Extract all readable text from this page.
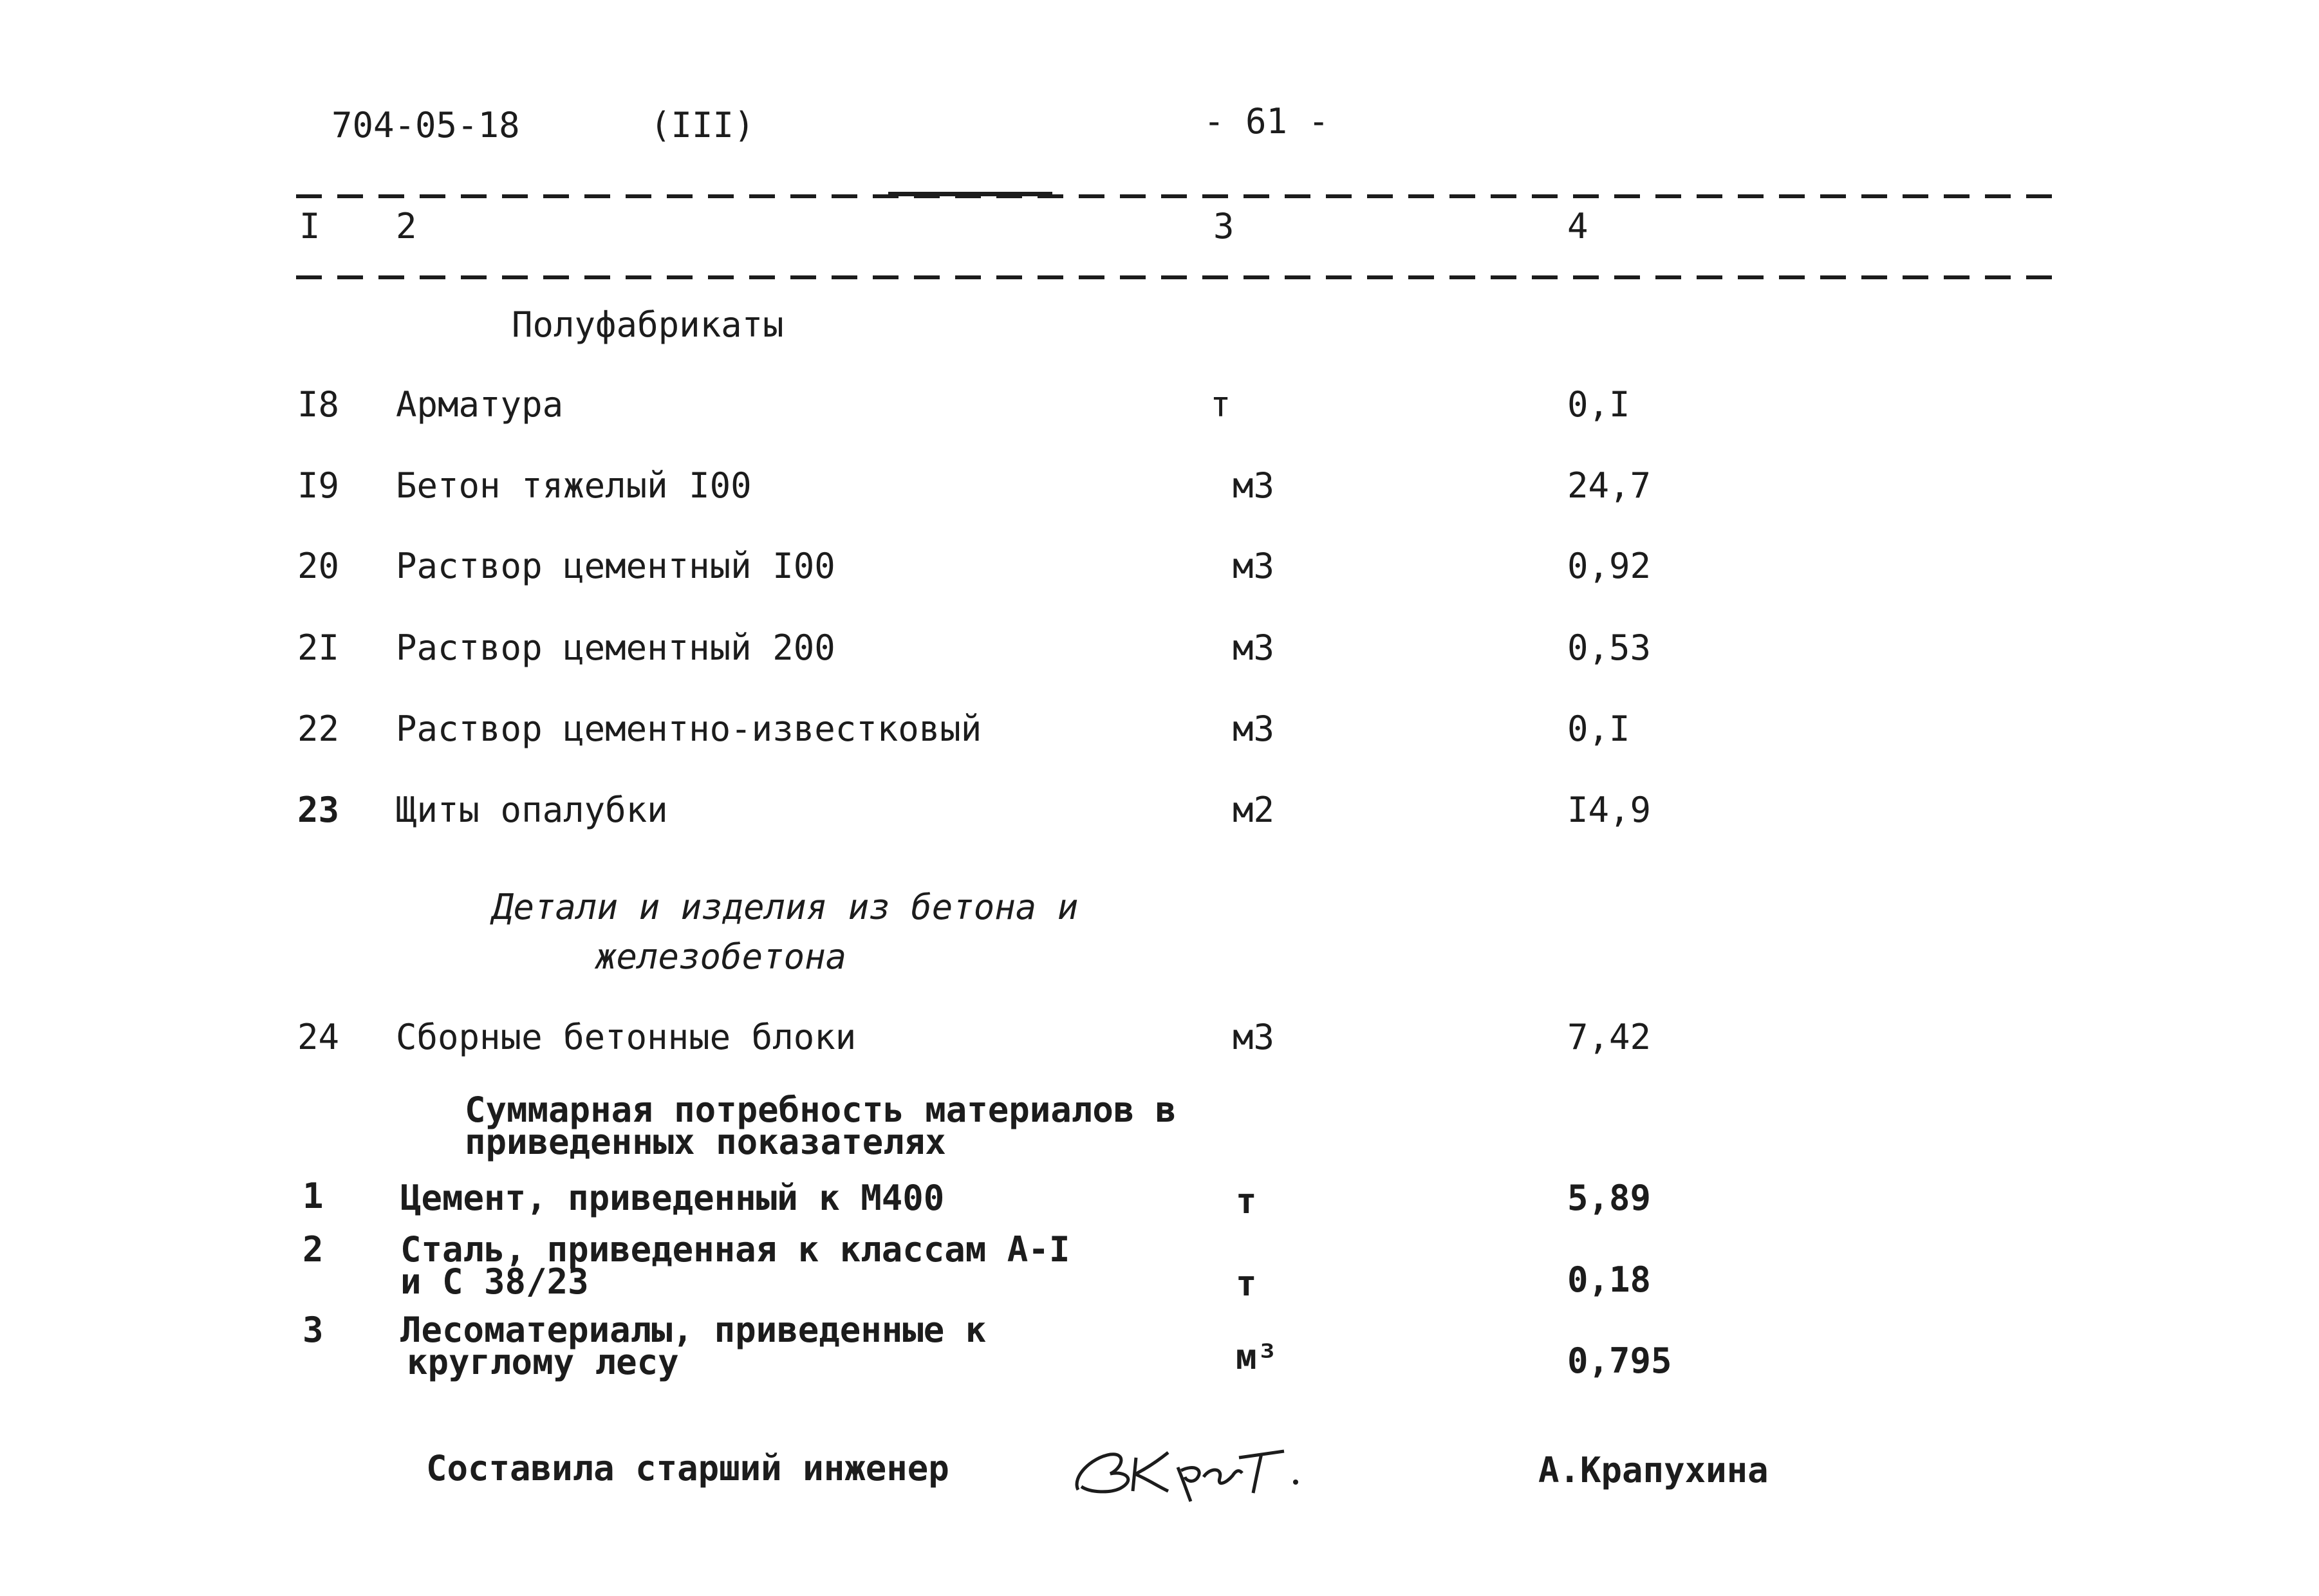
704-05-18	(III)	- 61 -
I 2	3	4
Полуфабрикаты
I8 Арматура	т	0,I
I9 Бетон тяжелый I00	м3	24,7
20 Раствор цементный I00	м3	0,92
2I Раствор цементный 200	м3	0,53
22 Раствор цементно-известковый	м3	0,I
23 Щиты опалубки	м2	I4,9
Детали и изделия из бетона и
железобетона
24 Сборные бетонные блоки	м3	7,42
Суммарная потребность материалов в
приведенных показателях
1 Цемент, приведенный к М400	т	5,89
2 Сталь, приведенная к классам А-I
и С 38/23	т	0,18
3 Лесоматериалы, приведенные к
круглому лесу	м³	0,795
Составила старший инженер	А.Крапухина
